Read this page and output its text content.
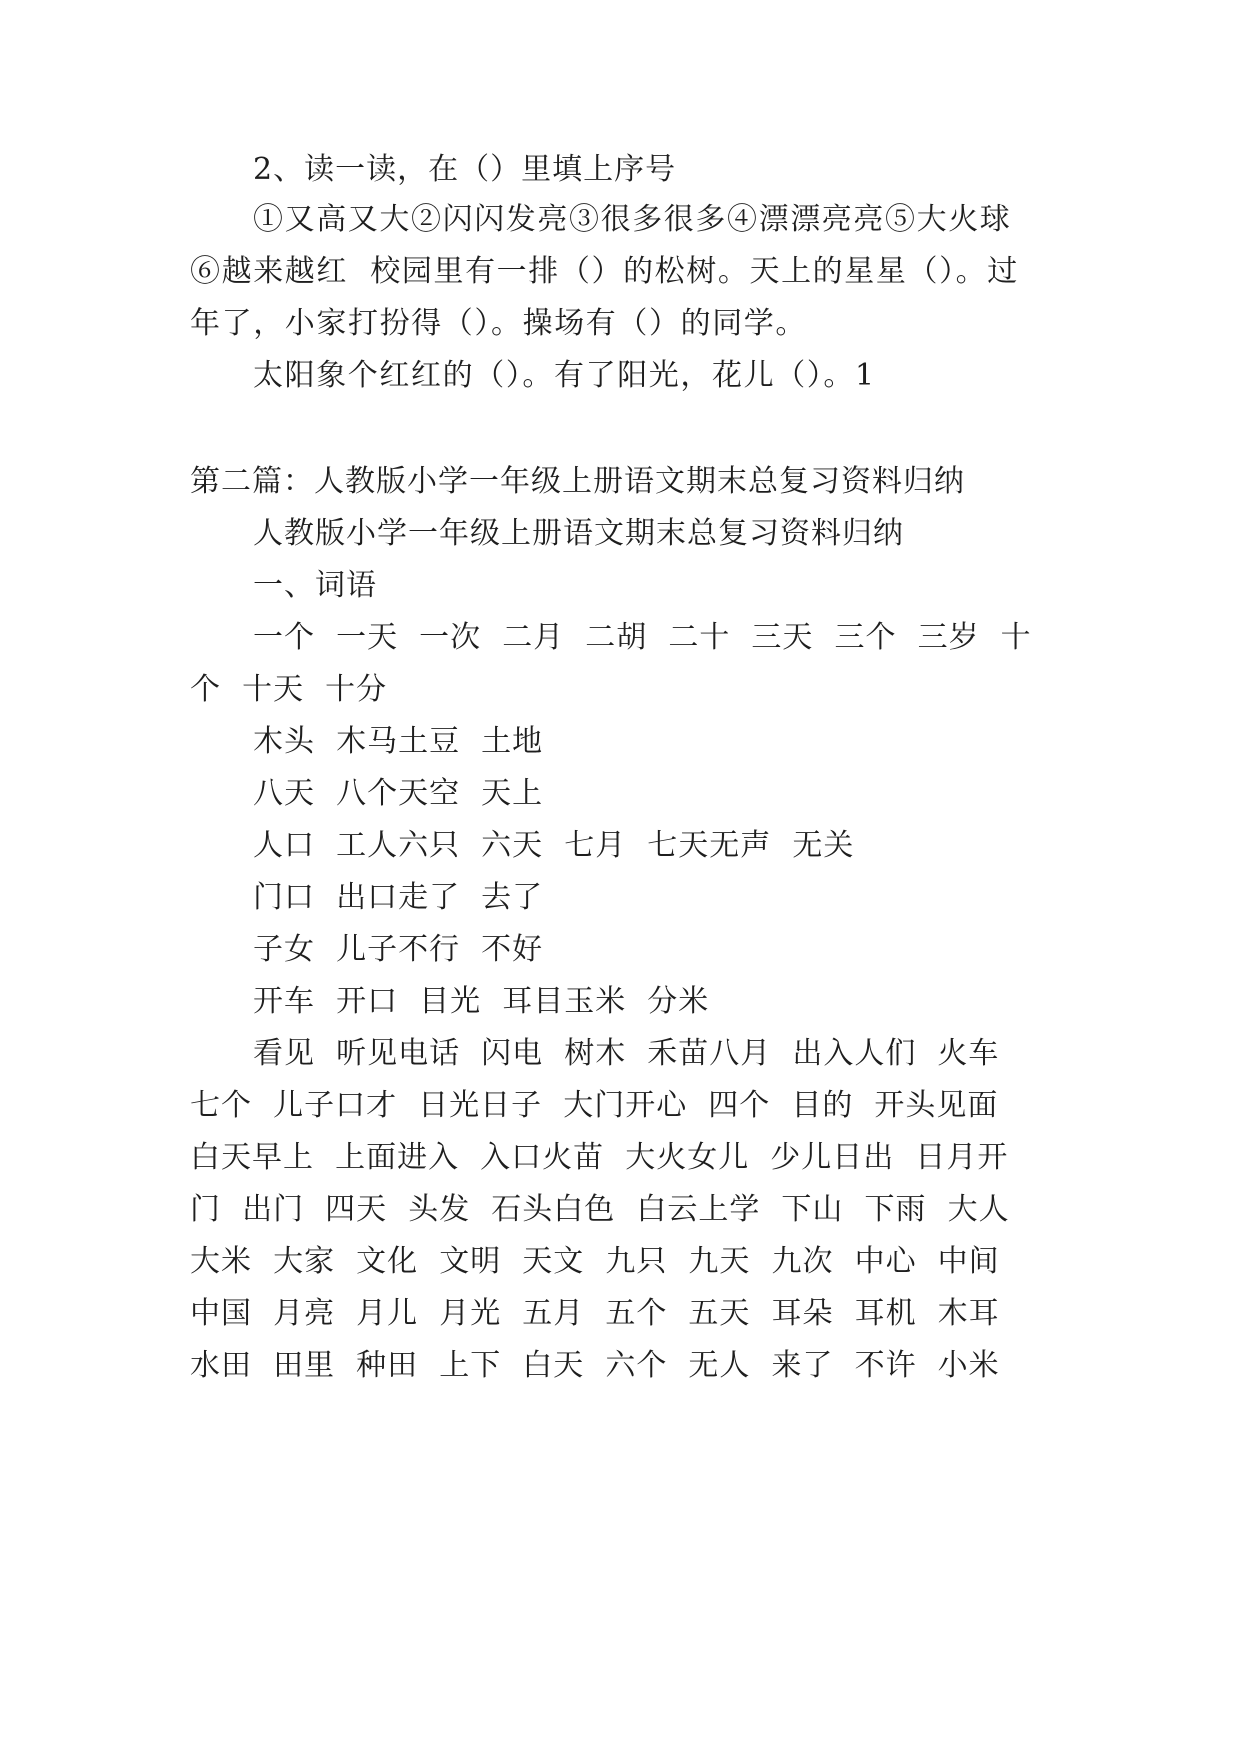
2、读一读，在（）里填上序号
①又高又大②闪闪发亮③很多很多④漂漂亮亮⑤大火球
⑥越来越红  校园里有一排（）的松树。天上的星星（）。过
年了，小家打扮得（）。操场有（）的同学。
太阳象个红红的（）。有了阳光，花儿（）。1
第二篇：人教版小学一年级上册语文期末总复习资料归纳
人教版小学一年级上册语文期末总复习资料归纳
一、词语
一个  一天  一次  二月  二胡  二十  三天  三个  三岁  十
个  十天  十分
木头  木马土豆  土地
八天  八个天空  天上
人口  工人六只  六天  七月  七天无声  无关
门口  出口走了  去了
子女  儿子不行  不好
开车  开口  目光  耳目玉米  分米
看见  听见电话  闪电  树木  禾苗八月  出入人们  火车
七个  儿子口才  日光日子  大门开心  四个  目的  开头见面
白天早上  上面进入  入口火苗  大火女儿  少儿日出  日月开
门  出门  四天  头发  石头白色  白云上学  下山  下雨  大人
大米  大家  文化  文明  天文  九只  九天  九次  中心  中间
中国  月亮  月儿  月光  五月  五个  五天  耳朵  耳机  木耳
水田  田里  种田  上下  白天  六个  无人  来了  不许  小米
